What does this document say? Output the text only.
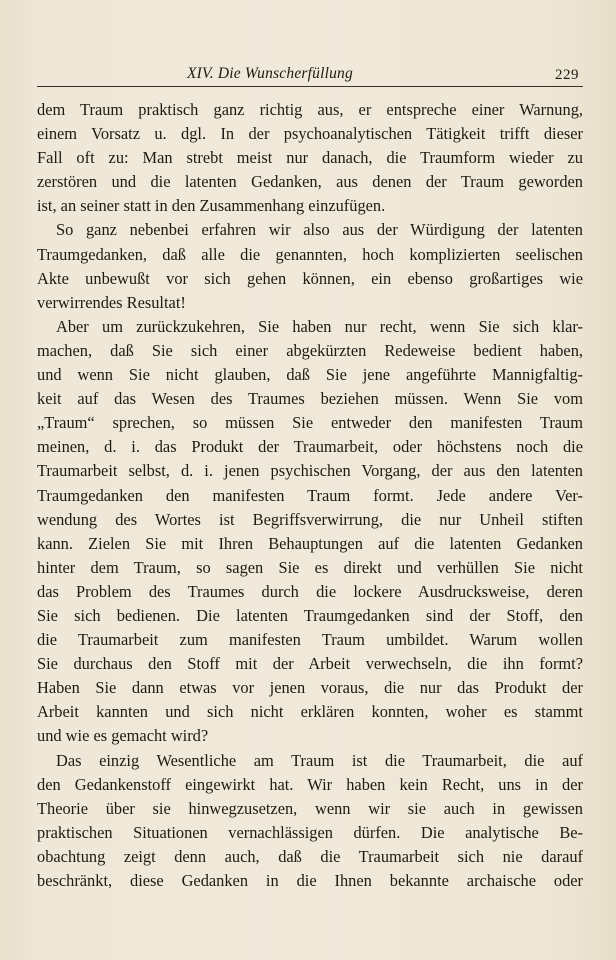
XIV. Die Wunscherfüllung	229
dem Traum praktisch ganz richtig aus, er entspreche einer Warnung,
einem Vorsatz u. dgl. In der psychoanalytischen Tätigkeit trifft dieser
Fall oft zu: Man strebt meist nur danach, die Traumform wieder zu
zerstören und die latenten Gedanken, aus denen der Traum geworden
ist, an seiner statt in den Zusammenhang einzufügen.
So ganz nebenbei erfahren wir also aus der Würdigung der latenten
Traumgedanken, daß alle die genannten, hoch komplizierten seelischen
Akte unbewußt vor sich gehen können, ein ebenso großartiges wie
verwirrendes Resultat!
Aber um zurückzukehren, Sie haben nur recht, wenn Sie sich klar-
machen, daß Sie sich einer abgekürzten Redeweise bedient haben,
und wenn Sie nicht glauben, daß Sie jene angeführte Mannigfaltig-
keit auf das Wesen des Traumes beziehen müssen. Wenn Sie vom
„Traum“ sprechen, so müssen Sie entweder den manifesten Traum
meinen, d. i. das Produkt der Traumarbeit, oder höchstens noch die
Traumarbeit selbst, d. i. jenen psychischen Vorgang, der aus den latenten
Traumgedanken den manifesten Traum formt. Jede andere Ver-
wendung des Wortes ist Begriffsverwirrung, die nur Unheil stiften
kann. Zielen Sie mit Ihren Behauptungen auf die latenten Gedanken
hinter dem Traum, so sagen Sie es direkt und verhüllen Sie nicht
das Problem des Traumes durch die lockere Ausdrucksweise, deren
Sie sich bedienen. Die latenten Traumgedanken sind der Stoff, den
die Traumarbeit zum manifesten Traum umbildet. Warum wollen
Sie durchaus den Stoff mit der Arbeit verwechseln, die ihn formt?
Haben Sie dann etwas vor jenen voraus, die nur das Produkt der
Arbeit kannten und sich nicht erklären konnten, woher es stammt
und wie es gemacht wird?
Das einzig Wesentliche am Traum ist die Traumarbeit, die auf
den Gedankenstoff eingewirkt hat. Wir haben kein Recht, uns in der
Theorie über sie hinwegzusetzen, wenn wir sie auch in gewissen
praktischen Situationen vernachlässigen dürfen. Die analytische Be-
obachtung zeigt denn auch, daß die Traumarbeit sich nie darauf
beschränkt, diese Gedanken in die Ihnen bekannte archaische oder
